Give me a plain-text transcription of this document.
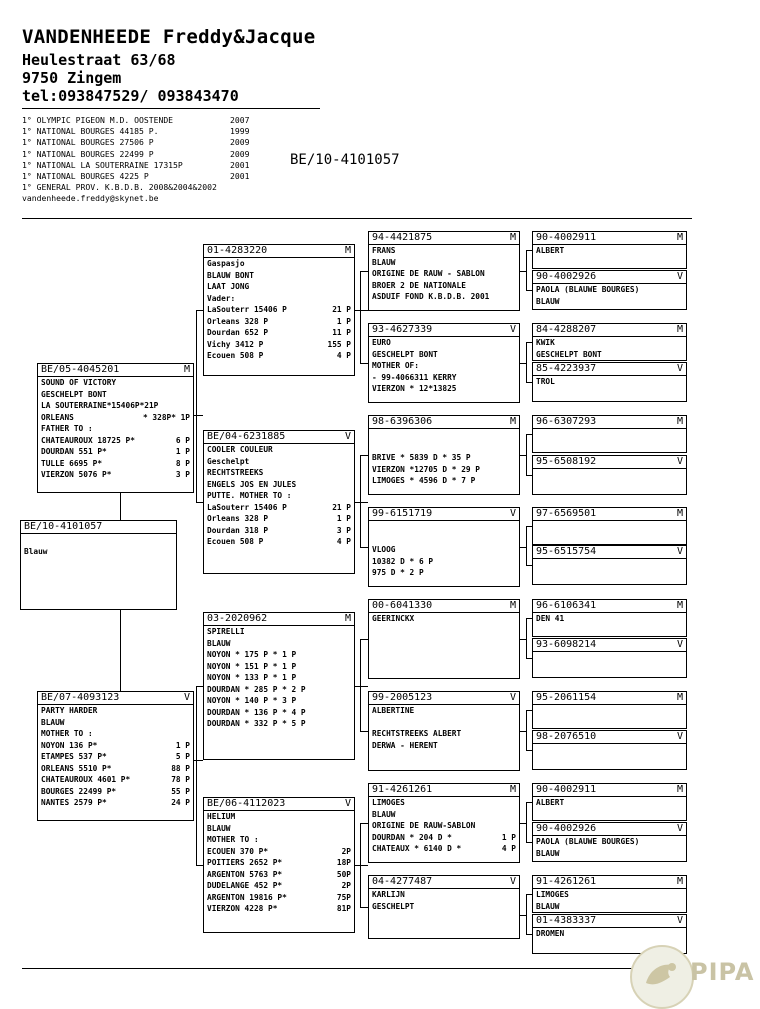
VANDENHEEDE Freddy&Jacque
Heulestraat 63/68
9750 Zingem
tel:093847529/ 093843470
1° OLYMPIC PIGEON M.D. OOSTENDE	2007
1° NATIONAL BOURGES 44185 P.	1999
1° NATIONAL BOURGES 27506 P	2009
1° NATIONAL BOURGES 22499 P	2009
1° NATIONAL LA SOUTERRAINE 17315P	2001
1° NATIONAL BOURGES 4225 P	2001
1° GENERAL PROV. K.B.D.B. 2008&2004&2002
vandenheede.freddy@skynet.be
BE/10-4101057
BE/10-4101057
Blauw
BE/05-4045201	M
SOUND OF VICTORY
GESCHELPT BONT
LA SOUTERRAINE*15406P*21P
ORLEANS	* 328P* 1P
FATHER TO :
CHATEAUROUX 18725 P*	6 P
DOURDAN 551 P*	1 P
TULLE 6695 P*	8 P
VIERZON 5076 P*	3 P
BE/07-4093123	V
PARTY HARDER
BLAUW
MOTHER TO :
NOYON 136 P*	1 P
ETAMPES 537 P*	5 P
ORLEANS 5510 P*	88 P
CHATEAUROUX 4601 P*	78 P
BOURGES 22499 P*	55 P
NANTES 2579 P*	24 P
01-4283220	M
Gaspasjo
BLAUW BONT
LAAT JONG
Vader:
LaSouterr 15406 P	21 P
Orleans 328 P	1 P
Dourdan 652 P	11 P
Vichy 3412 P	155 P
Ecouen 508 P	4 P
BE/04-6231885	V
COOLER COULEUR
Geschelpt
RECHTSTREEKS
ENGELS JOS EN JULES
PUTTE. MOTHER TO :
LaSouterr 15406 P	21 P
Orleans 328 P	1 P
Dourdan 318 P	3 P
Ecouen 508 P	4 P
03-2020962	M
SPIRELLI
BLAUW
NOYON * 175 P * 1 P
NOYON * 151 P * 1 P
NOYON * 133 P * 1 P
DOURDAN * 285 P * 2 P
NOYON * 140 P * 3 P
DOURDAN * 136 P * 4 P
DOURDAN * 332 P * 5 P
BE/06-4112023	V
HELIUM
BLAUW
MOTHER TO :
ECOUEN 370 P*	2P
POITIERS 2652 P*	18P
ARGENTON 5763 P*	50P
DUDELANGE 452 P*	2P
ARGENTON 19816 P*	75P
VIERZON 4228 P*	81P
94-4421875	M
FRANS
BLAUW
ORIGINE DE RAUW - SABLON
BROER 2 DE NATIONALE
ASDUIF FOND K.B.D.B. 2001
93-4627339	V
EURO
GESCHELPT BONT
MOTHER OF:
- 99-4066311 KERRY
VIERZON * 12*13825
98-6396306	M
BRIVE * 5839 D * 35 P
VIERZON *12705 D * 29 P
LIMOGES * 4596 D * 7 P
99-6151719	V
VLOOG
10382 D * 6 P
975 D * 2 P
00-6041330	M
GEERINCKX
99-2005123	V
ALBERTINE
RECHTSTREEKS ALBERT
DERWA - HERENT
91-4261261	M
LIMOGES
BLAUW
ORIGINE DE RAUW-SABLON
DOURDAN * 204 D *	1 P
CHATEAUX * 6140 D *	4 P
04-4277487	V
KARLIJN
GESCHELPT
90-4002911	M
ALBERT
90-4002926	V
PAOLA (BLAUWE BOURGES)
BLAUW
84-4288207	M
KWIK
GESCHELPT BONT
85-4223937	V
TROL
96-6307293	M
95-6508192	V
97-6569501	M
95-6515754	V
96-6106341	M
DEN 41
93-6098214	V
95-2061154	M
98-2076510	V
90-4002911	M
ALBERT
90-4002926	V
PAOLA (BLAUWE BOURGES)
BLAUW
91-4261261	M
LIMOGES
BLAUW
01-4383337	V
DROMEN
PIPA
